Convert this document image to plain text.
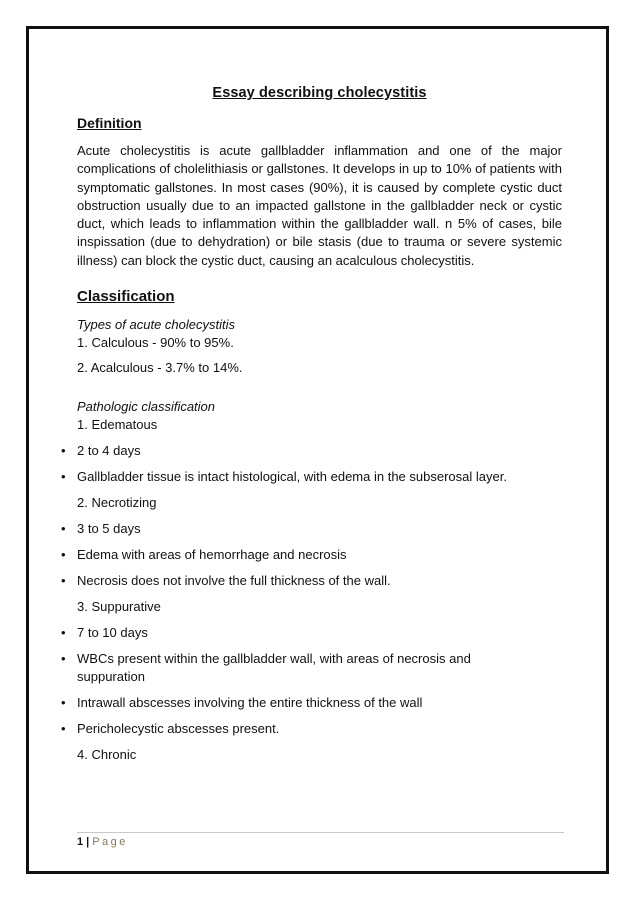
Essay describing cholecystitis
Definition

Acute cholecystitis is acute gallbladder inflammation and one of the major complications of cholelithiasis or gallstones. It develops in up to 10% of patients with symptomatic gallstones. In most cases (90%), it is caused by complete cystic duct obstruction usually due to an impacted gallstone in the gallbladder neck or cystic duct, which leads to inflammation within the gallbladder wall. n 5% of cases, bile inspissation (due to dehydration) or bile stasis (due to trauma or severe systemic illness) can block the cystic duct, causing an acalculous cholecystitis.

Classification
Types of acute cholecystitis
1. Calculous - 90% to 95%.
2. Acalculous - 3.7% to 14%.
Pathologic classification
1. Edematous
• 2 to 4 days
• Gallbladder tissue is intact histological, with edema in the subserosal layer.
2. Necrotizing
• 3 to 5 days
• Edema with areas of hemorrhage and necrosis
• Necrosis does not involve the full thickness of the wall.
3. Suppurative
• 7 to 10 days
• WBCs present within the gallbladder wall, with areas of necrosis and suppuration
• Intrawall abscesses involving the entire thickness of the wall
• Pericholecystic abscesses present.
4. Chronic
1 | Page
